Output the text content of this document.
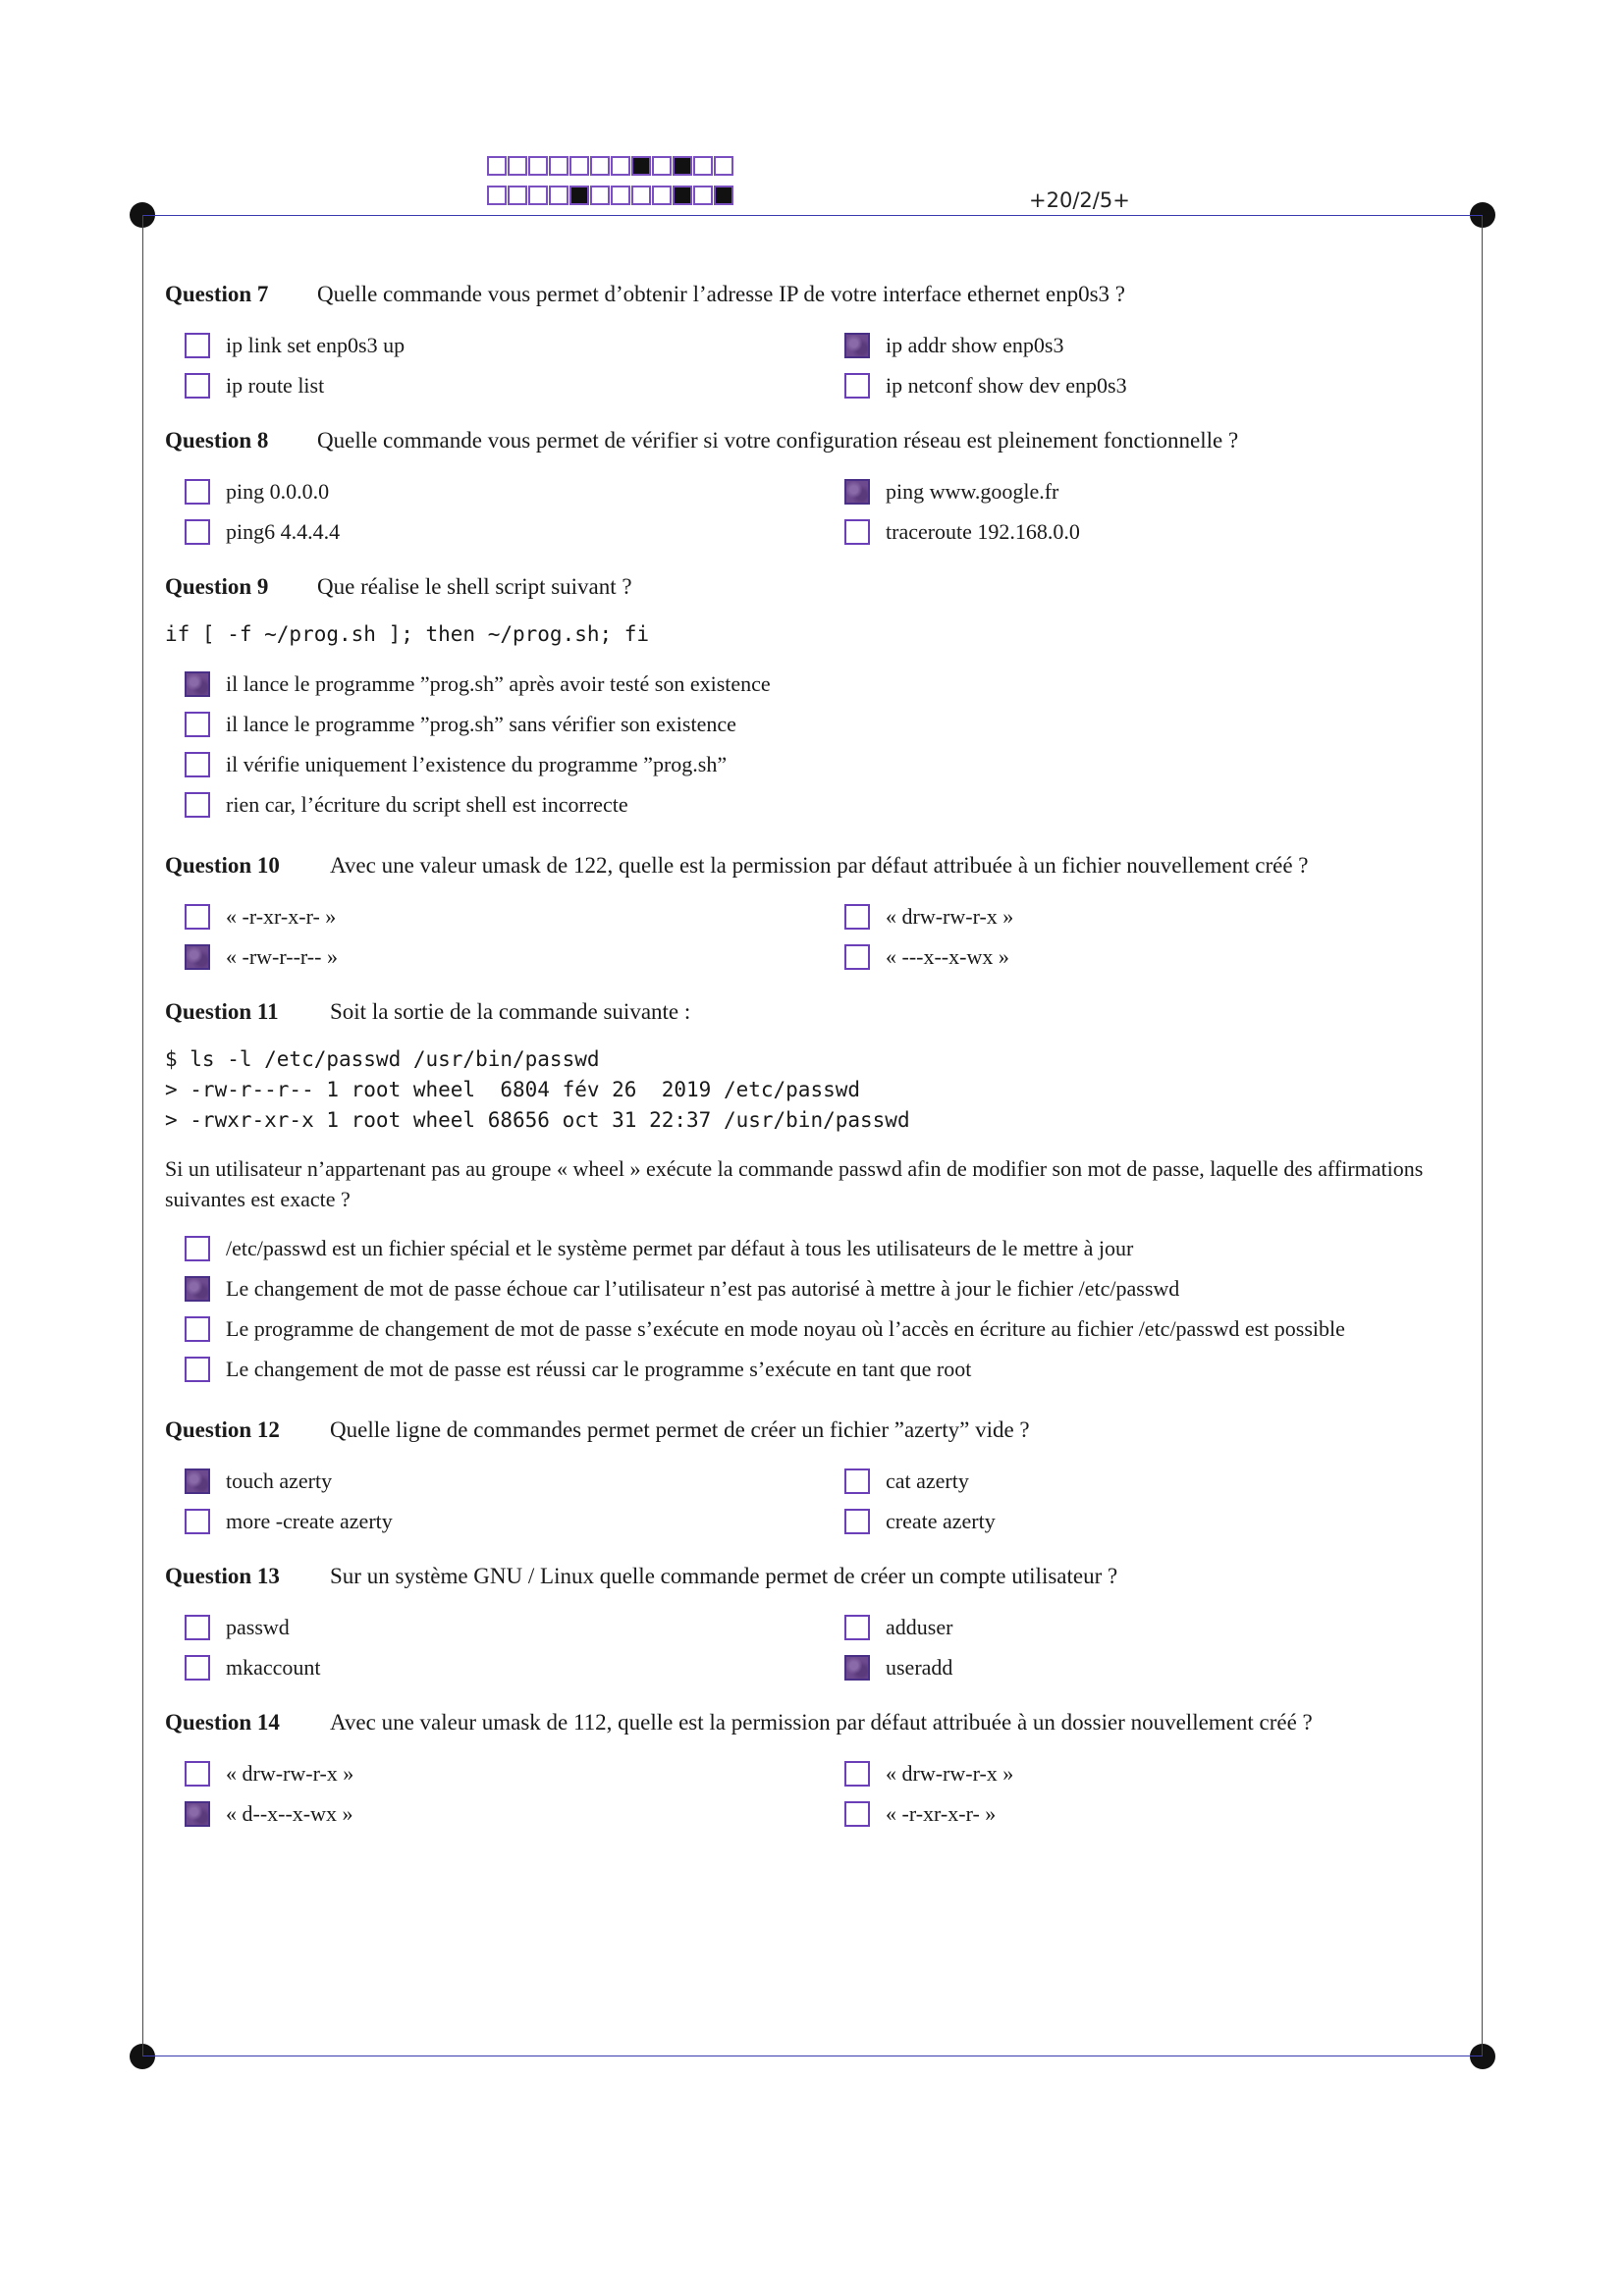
+20/2/5+
Question 7	Quelle commande vous permet d’obtenir l’adresse IP de votre interface ethernet enp0s3 ?
ip link set enp0s3 up	ip addr show enp0s3
ip route list	ip netconf show dev enp0s3
Question 8	Quelle commande vous permet de vérifier si votre configuration réseau est pleinement fonctionnelle ?
ping 0.0.0.0	ping www.google.fr
ping6 4.4.4.4	traceroute 192.168.0.0
Question 9	Que réalise le shell script suivant ?
if [ -f ~/prog.sh ]; then ~/prog.sh; fi
il lance le programme ”prog.sh” après avoir testé son existence
il lance le programme ”prog.sh” sans vérifier son existence
il vérifie uniquement l’existence du programme ”prog.sh”
rien car, l’écriture du script shell est incorrecte
Question 10	Avec une valeur umask de 122, quelle est la permission par défaut attribuée à un fichier nouvellement créé ?
« -r-xr-x-r- »	« drw-rw-r-x »
« -rw-r--r-- »	« ---x--x-wx »
Question 11	Soit la sortie de la commande suivante :
$ ls -l /etc/passwd /usr/bin/passwd
> -rw-r--r-- 1 root wheel  6804 fév 26  2019 /etc/passwd
> -rwxr-xr-x 1 root wheel 68656 oct 31 22:37 /usr/bin/passwd
Si un utilisateur n’appartenant pas au groupe « wheel » exécute la commande passwd afin de modifier son mot de passe, laquelle des affirmations suivantes est exacte ?
/etc/passwd est un fichier spécial et le système permet par défaut à tous les utilisateurs de le mettre à jour
Le changement de mot de passe échoue car l’utilisateur n’est pas autorisé à mettre à jour le fichier /etc/passwd
Le programme de changement de mot de passe s’exécute en mode noyau où l’accès en écriture au fichier /etc/passwd est possible
Le changement de mot de passe est réussi car le programme s’exécute en tant que root
Question 12	Quelle ligne de commandes permet permet de créer un fichier ”azerty” vide ?
touch azerty	cat azerty
more -create azerty	create azerty
Question 13	Sur un système GNU / Linux quelle commande permet de créer un compte utilisateur ?
passwd	adduser
mkaccount	useradd
Question 14	Avec une valeur umask de 112, quelle est la permission par défaut attribuée à un dossier nouvellement créé ?
« drw-rw-r-x »	« drw-rw-r-x »
« d--x--x-wx »	« -r-xr-x-r- »
